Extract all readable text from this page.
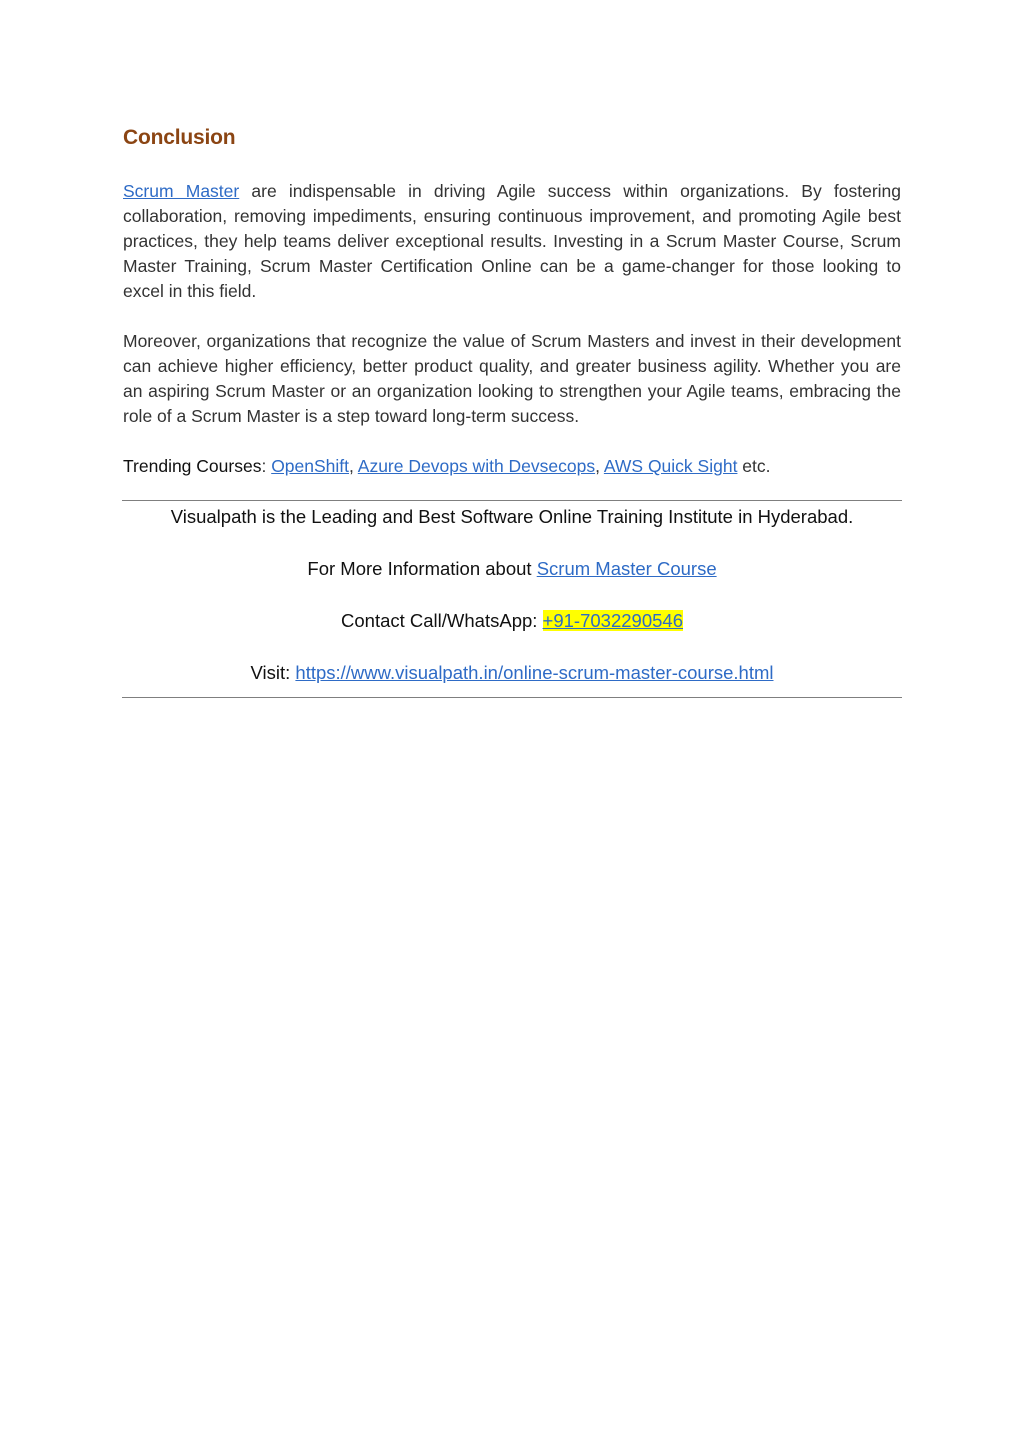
Conclusion

Scrum Master are indispensable in driving Agile success within organizations. By fostering collaboration, removing impediments, ensuring continuous improvement, and promoting Agile best practices, they help teams deliver exceptional results. Investing in a Scrum Master Course, Scrum Master Training, Scrum Master Certification Online can be a game-changer for those looking to excel in this field.

Moreover, organizations that recognize the value of Scrum Masters and invest in their development can achieve higher efficiency, better product quality, and greater business agility. Whether you are an aspiring Scrum Master or an organization looking to strengthen your Agile teams, embracing the role of a Scrum Master is a step toward long-term success.

Trending Courses: OpenShift, Azure Devops with Devsecops, AWS Quick Sight etc.

Visualpath is the Leading and Best Software Online Training Institute in Hyderabad.
For More Information about Scrum Master Course
Contact Call/WhatsApp: +91-7032290546
Visit: https://www.visualpath.in/online-scrum-master-course.html
